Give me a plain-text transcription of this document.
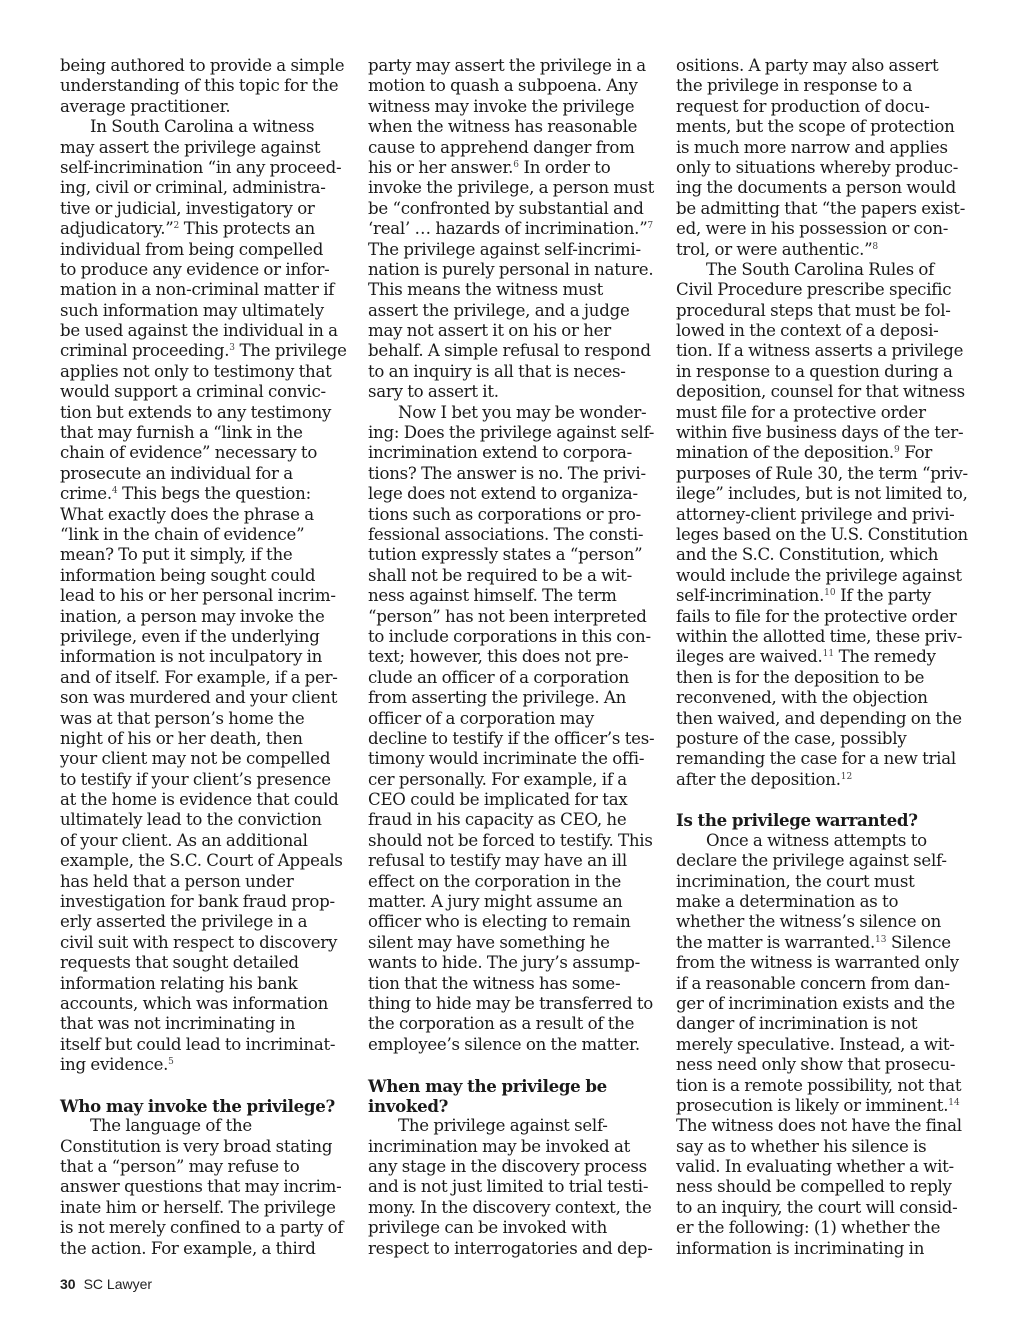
being authored to provide a simple
understanding of this topic for the
average practitioner.
In South Carolina a witness
may assert the privilege against
self-incrimination “in any proceed-
ing, civil or criminal, administra-
tive or judicial, investigatory or
adjudicatory.”$^2$ This protects an
individual from being compelled
to produce any evidence or infor-
mation in a non-criminal matter if
such information may ultimately
be used against the individual in a
criminal proceeding.$^3$ The privilege
applies not only to testimony that
would support a criminal convic-
tion but extends to any testimony
that may furnish a “link in the
chain of evidence” necessary to
prosecute an individual for a
crime.$^4$ This begs the question:
What exactly does the phrase a
“link in the chain of evidence”
mean? To put it simply, if the
information being sought could
lead to his or her personal incrim-
ination, a person may invoke the
privilege, even if the underlying
information is not inculpatory in
and of itself. For example, if a per-
son was murdered and your client
was at that person’s home the
night of his or her death, then
your client may not be compelled
to testify if your client’s presence
at the home is evidence that could
ultimately lead to the conviction
of your client. As an additional
example, the S.C. Court of Appeals
has held that a person under
investigation for bank fraud prop-
erly asserted the privilege in a
civil suit with respect to discovery
requests that sought detailed
information relating his bank
accounts, which was information
that was not incriminating in
itself but could lead to incriminat-
ing evidence.$^5$
Who may invoke the privilege?
The language of the
Constitution is very broad stating
that a “person” may refuse to
answer questions that may incrim-
inate him or herself. The privilege
is not merely confined to a party of
the action. For example, a third
party may assert the privilege in a
motion to quash a subpoena. Any
witness may invoke the privilege
when the witness has reasonable
cause to apprehend danger from
his or her answer.$^6$ In order to
invoke the privilege, a person must
be “confronted by substantial and
‘real’ … hazards of incrimination.”$^7$
The privilege against self-incrimi-
nation is purely personal in nature.
This means the witness must
assert the privilege, and a judge
may not assert it on his or her
behalf. A simple refusal to respond
to an inquiry is all that is neces-
sary to assert it.
Now I bet you may be wonder-
ing: Does the privilege against self-
incrimination extend to corpora-
tions? The answer is no. The privi-
lege does not extend to organiza-
tions such as corporations or pro-
fessional associations. The consti-
tution expressly states a “person”
shall not be required to be a wit-
ness against himself. The term
“person” has not been interpreted
to include corporations in this con-
text; however, this does not pre-
clude an officer of a corporation
from asserting the privilege. An
officer of a corporation may
decline to testify if the officer’s tes-
timony would incriminate the offi-
cer personally. For example, if a
CEO could be implicated for tax
fraud in his capacity as CEO, he
should not be forced to testify. This
refusal to testify may have an ill
effect on the corporation in the
matter. A jury might assume an
officer who is electing to remain
silent may have something he
wants to hide. The jury’s assump-
tion that the witness has some-
thing to hide may be transferred to
the corporation as a result of the
employee’s silence on the matter.
When may the privilege be
invoked?
The privilege against self-
incrimination may be invoked at
any stage in the discovery process
and is not just limited to trial testi-
mony. In the discovery context, the
privilege can be invoked with
respect to interrogatories and dep-
ositions. A party may also assert
the privilege in response to a
request for production of docu-
ments, but the scope of protection
is much more narrow and applies
only to situations whereby produc-
ing the documents a person would
be admitting that “the papers exist-
ed, were in his possession or con-
trol, or were authentic.”$^8$
The South Carolina Rules of
Civil Procedure prescribe specific
procedural steps that must be fol-
lowed in the context of a deposi-
tion. If a witness asserts a privilege
in response to a question during a
deposition, counsel for that witness
must file for a protective order
within five business days of the ter-
mination of the deposition.$^9$ For
purposes of Rule 30, the term “priv-
ilege” includes, but is not limited to,
attorney-client privilege and privi-
leges based on the U.S. Constitution
and the S.C. Constitution, which
would include the privilege against
self-incrimination.$^{10}$ If the party
fails to file for the protective order
within the allotted time, these priv-
ileges are waived.$^{11}$ The remedy
then is for the deposition to be
reconvened, with the objection
then waived, and depending on the
posture of the case, possibly
remanding the case for a new trial
after the deposition.$^{12}$
Is the privilege warranted?
Once a witness attempts to
declare the privilege against self-
incrimination, the court must
make a determination as to
whether the witness’s silence on
the matter is warranted.$^{13}$ Silence
from the witness is warranted only
if a reasonable concern from dan-
ger of incrimination exists and the
danger of incrimination is not
merely speculative. Instead, a wit-
ness need only show that prosecu-
tion is a remote possibility, not that
prosecution is likely or imminent.$^{14}$
The witness does not have the final
say as to whether his silence is
valid. In evaluating whether a wit-
ness should be compelled to reply
to an inquiry, the court will consid-
er the following: (1) whether the
information is incriminating in
30 SC Lawyer
